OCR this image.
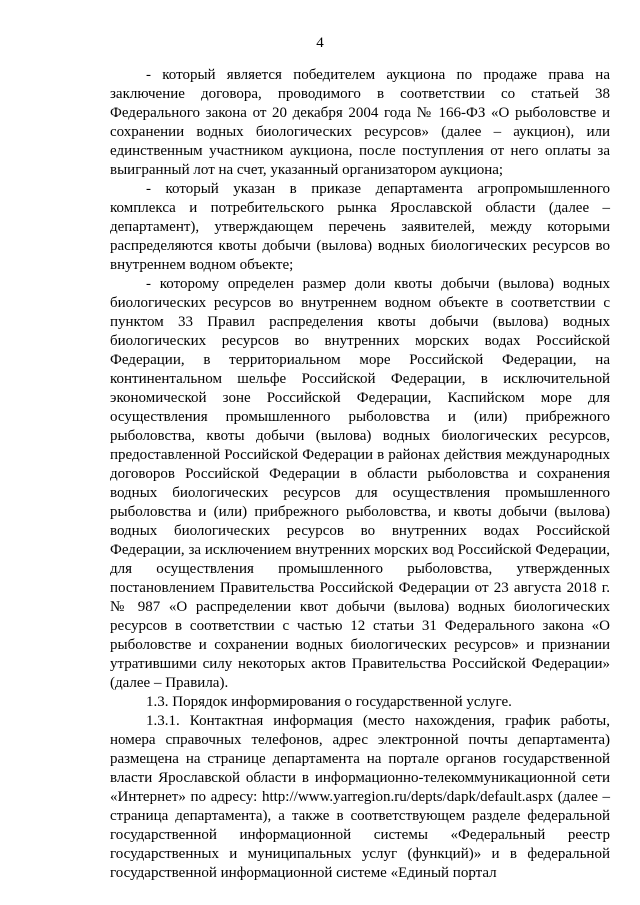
4

- который является победителем аукциона по продаже права на заключение договора, проводимого в соответствии со статьей 38 Федерального закона от 20 декабря 2004 года № 166-ФЗ «О рыболовстве и сохранении водных биологических ресурсов» (далее – аукцион), или единственным участником аукциона, после поступления от него оплаты за выигранный лот на счет, указанный организатором аукциона;

- который указан в приказе департамента агропромышленного комплекса и потребительского рынка Ярославской области (далее – департамент), утверждающем перечень заявителей, между которыми распределяются квоты добычи (вылова) водных биологических ресурсов во внутреннем водном объекте;

- которому определен размер доли квоты добычи (вылова) водных биологических ресурсов во внутреннем водном объекте в соответствии с пунктом 33 Правил распределения квоты добычи (вылова) водных биологических ресурсов во внутренних морских водах Российской Федерации, в территориальном море Российской Федерации, на континентальном шельфе Российской Федерации, в исключительной экономической зоне Российской Федерации, Каспийском море для осуществления промышленного рыболовства и (или) прибрежного рыболовства, квоты добычи (вылова) водных биологических ресурсов, предоставленной Российской Федерации в районах действия международных договоров Российской Федерации в области рыболовства и сохранения водных биологических ресурсов для осуществления промышленного рыболовства и (или) прибрежного рыболовства, и квоты добычи (вылова) водных биологических ресурсов во внутренних водах Российской Федерации, за исключением внутренних морских вод Российской Федерации, для осуществления промышленного рыболовства, утвержденных постановлением Правительства Российской Федерации от 23 августа 2018 г. № 987 «О распределении квот добычи (вылова) водных биологических ресурсов в соответствии с частью 12 статьи 31 Федерального закона «О рыболовстве и сохранении водных биологических ресурсов» и признании утратившими силу некоторых актов Правительства Российской Федерации» (далее – Правила).

1.3. Порядок информирования о государственной услуге.

1.3.1. Контактная информация (место нахождения, график работы, номера справочных телефонов, адрес электронной почты департамента) размещена на странице департамента на портале органов государственной власти Ярославской области в информационно-телекоммуникационной сети «Интернет» по адресу: http://www.yarregion.ru/depts/dapk/default.aspx (далее – страница департамента), а также в соответствующем разделе федеральной государственной информационной системы «Федеральный реестр государственных и муниципальных услуг (функций)» и в федеральной государственной информационной системе «Единый портал
